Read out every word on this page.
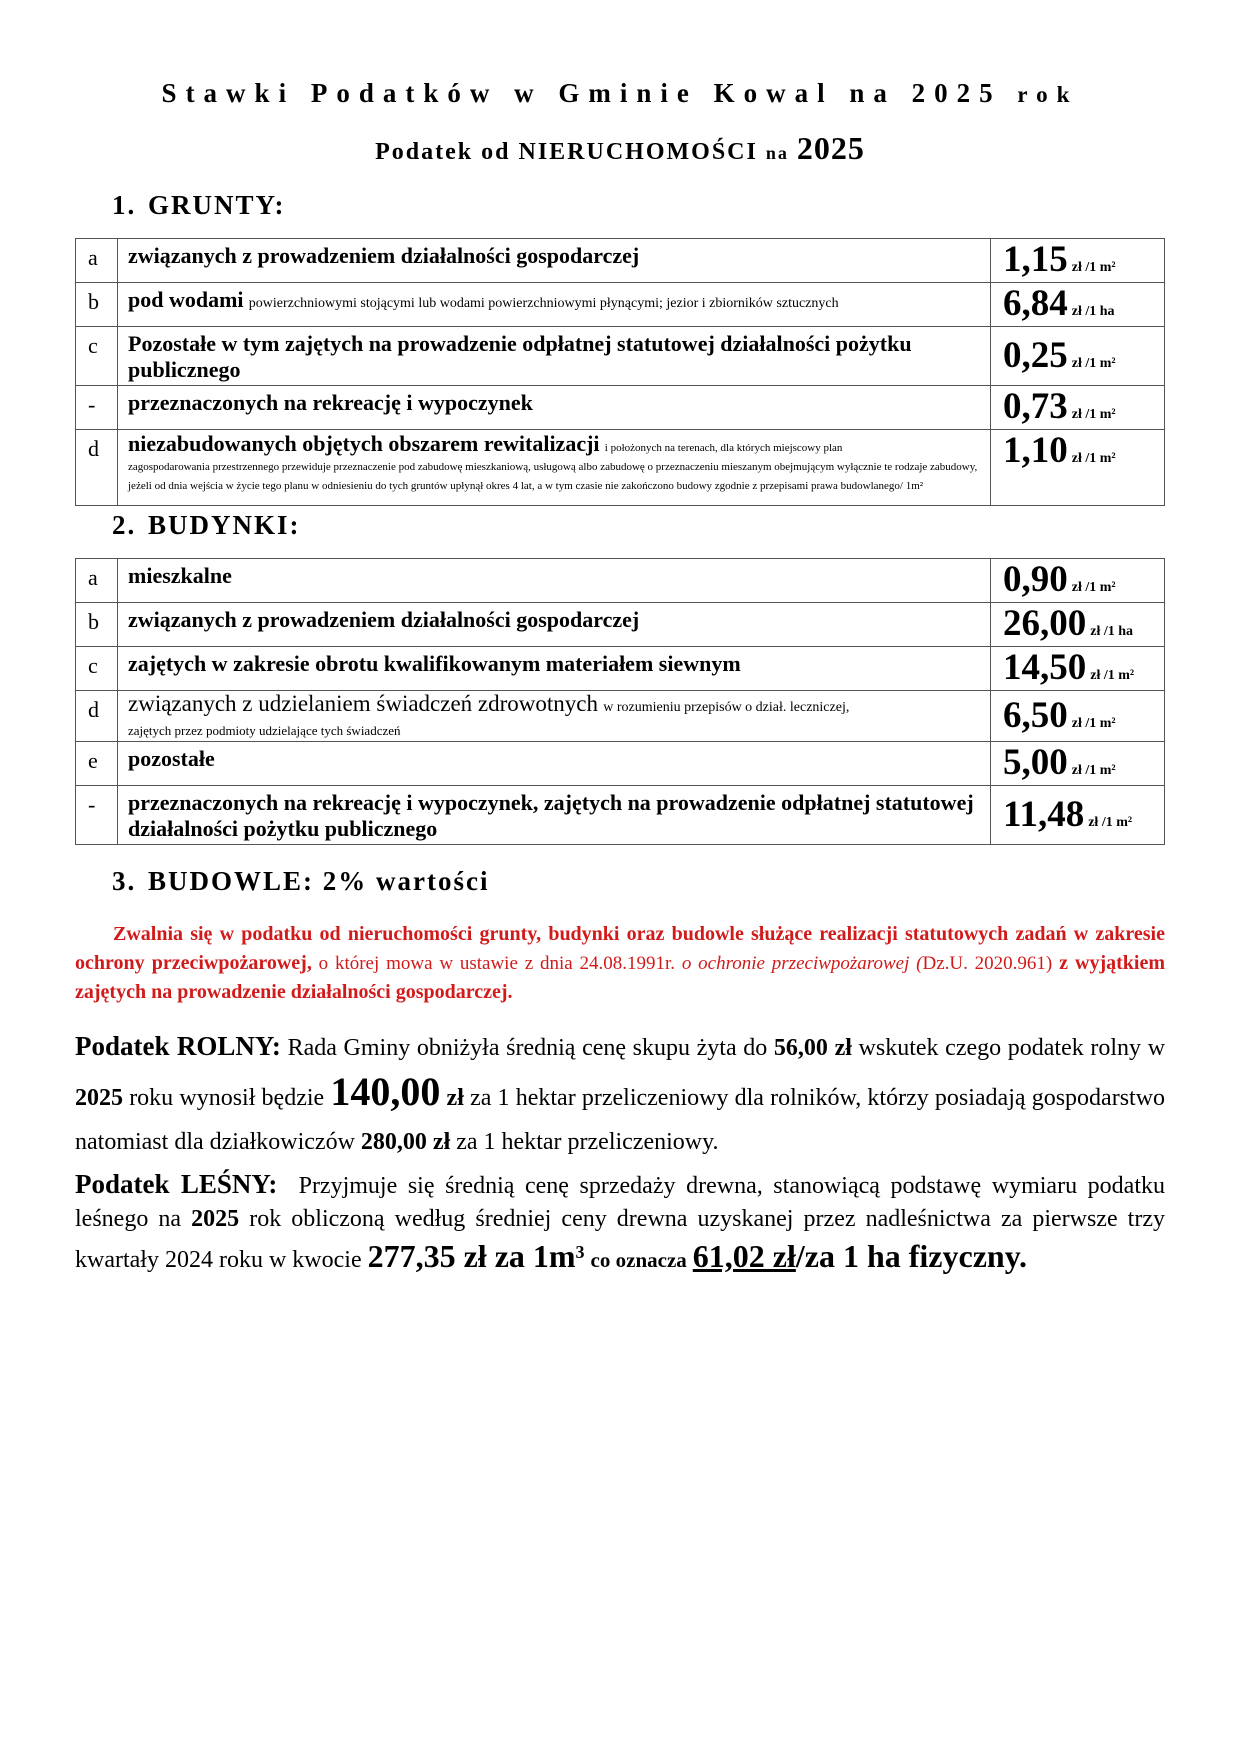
Stawki Podatków w Gminie Kowal na 2025 rok
Podatek od NIERUCHOMOŚCI na 2025
1. GRUNTY:
a	związanych z prowadzeniem działalności gospodarczej	1,15 zł /1 m²
b	pod wodami powierzchniowymi stojącymi lub wodami powierzchniowymi płynącymi; jezior i zbiorników sztucznych	6,84 zł /1 ha
c	Pozostałe w tym zajętych na prowadzenie odpłatnej statutowej działalności pożytku publicznego	0,25 zł /1 m²
-	przeznaczonych na rekreację i wypoczynek	0,73 zł /1 m²
d	niezabudowanych objętych obszarem rewitalizacji i położonych na terenach, dla których miejscowy plan
zagospodarowania przestrzennego przewiduje przeznaczenie pod zabudowę mieszkaniową, usługową albo zabudowę o przeznaczeniu mieszanym obejmującym wyłącznie te rodzaje zabudowy, jeżeli od dnia wejścia w życie tego planu w odniesieniu do tych gruntów upłynął okres 4 lat, a w tym czasie nie zakończono budowy zgodnie z przepisami prawa budowlanego/ 1m²	1,10 zł /1 m²
2. BUDYNKI:
a	mieszkalne	0,90 zł /1 m²
b	związanych z prowadzeniem działalności gospodarczej	26,00 zł /1 ha
c	zajętych w zakresie obrotu kwalifikowanym materiałem siewnym	14,50 zł /1 m²
d	związanych z udzielaniem świadczeń zdrowotnych w rozumieniu przepisów o dział. leczniczej,
zajętych przez podmioty udzielające tych świadczeń	6,50 zł /1 m²
e	pozostałe	5,00 zł /1 m²
-	przeznaczonych na rekreację i wypoczynek, zajętych na prowadzenie odpłatnej statutowej działalności pożytku publicznego	11,48 zł /1 m²
3. BUDOWLE: 2% wartości
Zwalnia się w podatku od nieruchomości grunty, budynki oraz budowle służące realizacji statutowych zadań w zakresie ochrony przeciwpożarowej, o której mowa w ustawie z dnia 24.08.1991r. o ochronie przeciwpożarowej (Dz.U. 2020.961) z wyjątkiem zajętych na prowadzenie działalności gospodarczej.
Podatek ROLNY: Rada Gminy obniżyła średnią cenę skupu żyta do 56,00 zł wskutek czego podatek rolny w 2025 roku wynosił będzie 140,00 zł za 1 hektar przeliczeniowy dla rolników, którzy posiadają gospodarstwo natomiast dla działkowiczów 280,00 zł za 1 hektar przeliczeniowy.
Podatek LEŚNY: Przyjmuje się średnią cenę sprzedaży drewna, stanowiącą podstawę wymiaru podatku leśnego na 2025 rok obliczoną według średniej ceny drewna uzyskanej przez nadleśnictwa za pierwsze trzy kwartały 2024 roku w kwocie 277,35 zł za $1m^3$ co oznacza 61,02 zł/za 1 ha fizyczny.
